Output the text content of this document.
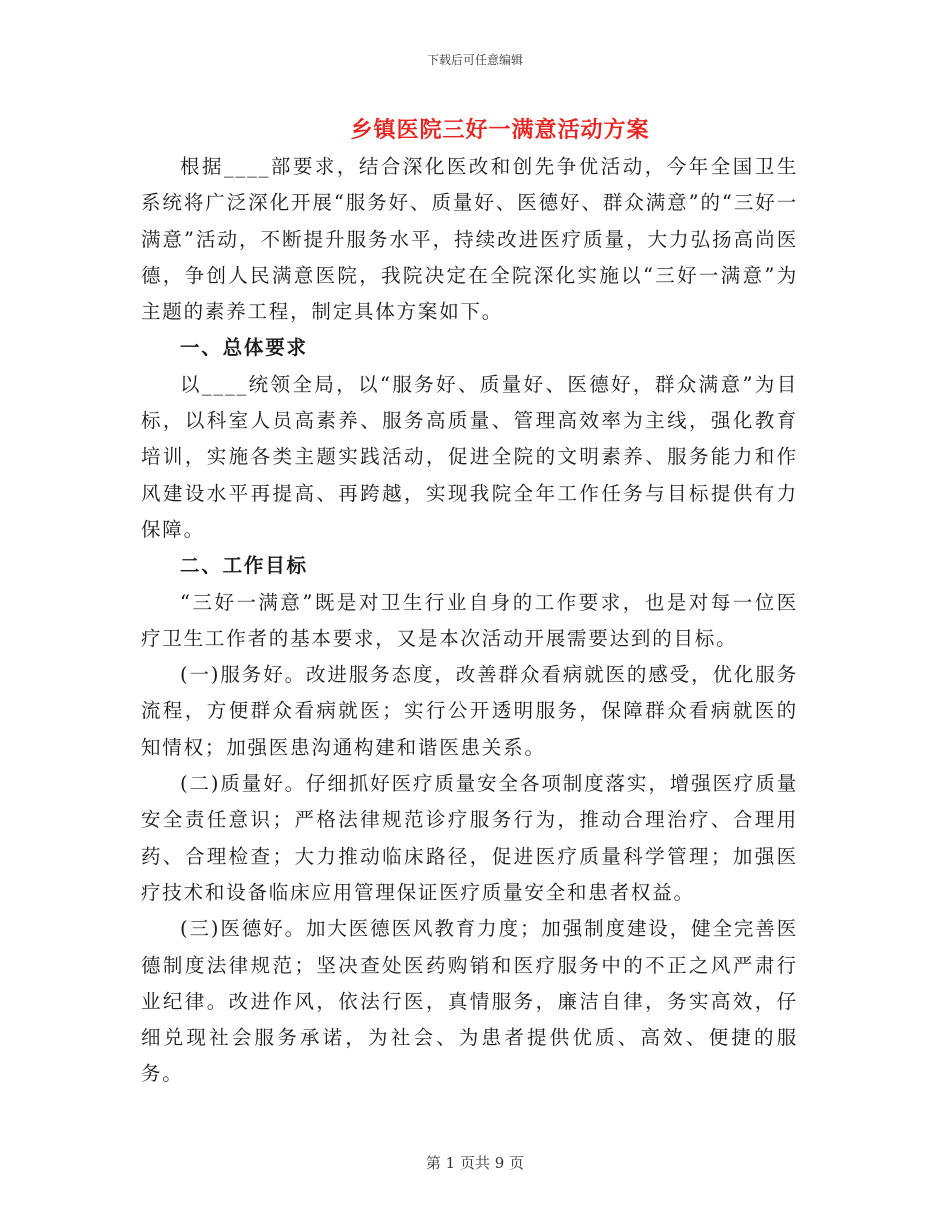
下载后可任意编辑
乡镇医院三好一满意活动方案

根据____部要求，结合深化医改和创先争优活动，今年全国卫生系统将广泛深化开展“服务好、质量好、医德好、群众满意”的“三好一满意”活动，不断提升服务水平，持续改进医疗质量，大力弘扬高尚医德，争创人民满意医院，我院决定在全院深化实施以“三好一满意”为主题的素养工程，制定具体方案如下。

一、总体要求

以____统领全局，以“服务好、质量好、医德好，群众满意”为目标，以科室人员高素养、服务高质量、管理高效率为主线，强化教育培训，实施各类主题实践活动，促进全院的文明素养、服务能力和作风建设水平再提高、再跨越，实现我院全年工作任务与目标提供有力保障。

二、工作目标

“三好一满意”既是对卫生行业自身的工作要求，也是对每一位医疗卫生工作者的基本要求，又是本次活动开展需要达到的目标。

(一)服务好。改进服务态度，改善群众看病就医的感受，优化服务流程，方便群众看病就医；实行公开透明服务，保障群众看病就医的知情权；加强医患沟通构建和谐医患关系。

(二)质量好。仔细抓好医疗质量安全各项制度落实，增强医疗质量安全责任意识；严格法律规范诊疗服务行为，推动合理治疗、合理用药、合理检查；大力推动临床路径，促进医疗质量科学管理；加强医疗技术和设备临床应用管理保证医疗质量安全和患者权益。

(三)医德好。加大医德医风教育力度；加强制度建设，健全完善医德制度法律规范；坚决查处医药购销和医疗服务中的不正之风严肃行业纪律。改进作风，依法行医，真情服务，廉洁自律，务实高效，仔细兑现社会服务承诺，为社会、为患者提供优质、高效、便捷的服务。

第 1 页共 9 页
